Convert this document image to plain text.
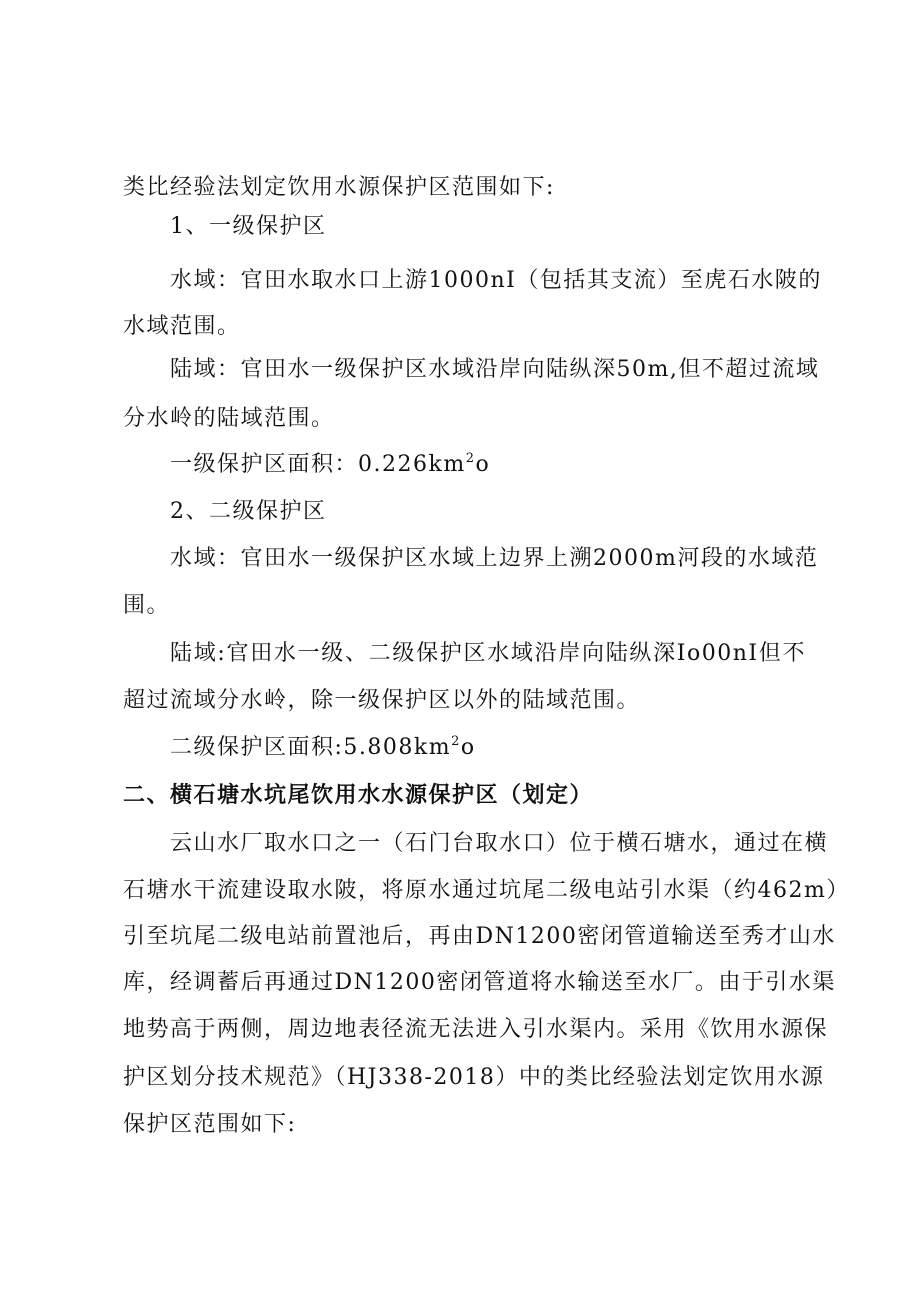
类比经验法划定饮用水源保护区范围如下:
1、一级保护区
水域：官田水取水口上游1000nI（包括其支流）至虎石水陂的
水域范围。
陆域：官田水一级保护区水域沿岸向陆纵深50m,但不超过流域
分水岭的陆域范围。
一级保护区面积：$0.226km^2o$
2、二级保护区
水域：官田水一级保护区水域上边界上溯2000m河段的水域范
围。
陆域:官田水一级、二级保护区水域沿岸向陆纵深Io00nI但不
超过流域分水岭，除一级保护区以外的陆域范围。
二级保护区面积$:5.808km^2o$
二、横石塘水坑尾饮用水水源保护区（划定）
云山水厂取水口之一（石门台取水口）位于横石塘水，通过在横
石塘水干流建设取水陂，将原水通过坑尾二级电站引水渠（约462m）
引至坑尾二级电站前置池后，再由DN1200密闭管道输送至秀才山水
库，经调蓄后再通过DN1200密闭管道将水输送至水厂。由于引水渠
地势高于两侧，周边地表径流无法进入引水渠内。采用《饮用水源保
护区划分技术规范》（HJ338-2018）中的类比经验法划定饮用水源
保护区范围如下:
